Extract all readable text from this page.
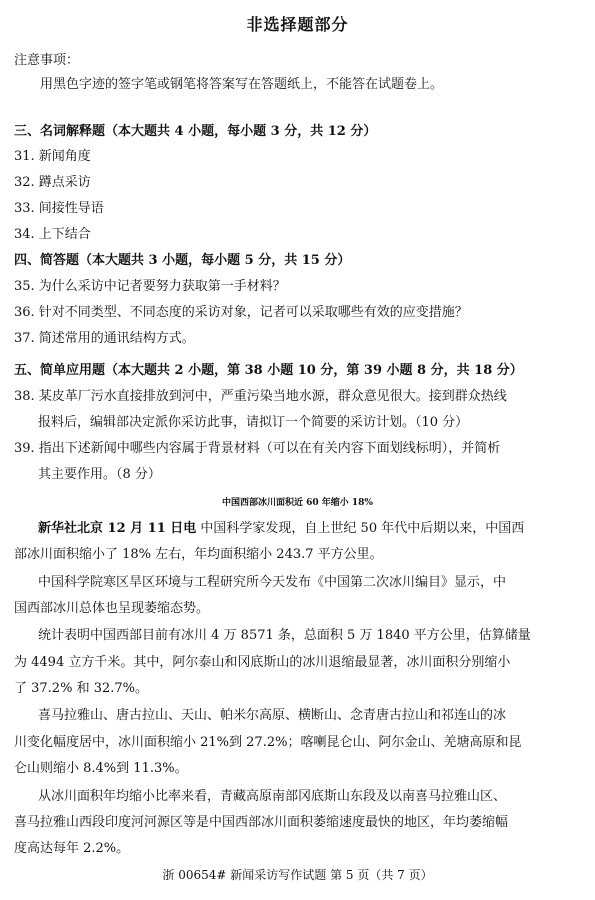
非选择题部分
注意事项：
用黑色字迹的签字笔或钢笔将答案写在答题纸上，不能答在试题卷上。
三、名词解释题（本大题共 4 小题，每小题 3 分，共 12 分）
31. 新闻角度
32. 蹲点采访
33. 间接性导语
34. 上下结合
四、简答题（本大题共 3 小题，每小题 5 分，共 15 分）
35. 为什么采访中记者要努力获取第一手材料？
36. 针对不同类型、不同态度的采访对象，记者可以采取哪些有效的应变措施？
37. 简述常用的通讯结构方式。
五、简单应用题（本大题共 2 小题，第 38 小题 10 分，第 39 小题 8 分，共 18 分）
38. 某皮革厂污水直接排放到河中，严重污染当地水源，群众意见很大。接到群众热线
报料后，编辑部决定派你采访此事，请拟订一个简要的采访计划。（10 分）
39. 指出下述新闻中哪些内容属于背景材料（可以在有关内容下面划线标明），并简析
其主要作用。（8 分）
中国西部冰川面积近 60 年缩小 18%
新华社北京 12 月 11 日电 中国科学家发现，自上世纪 50 年代中后期以来，中国西
部冰川面积缩小了 18% 左右，年均面积缩小 243.7 平方公里。
中国科学院寒区旱区环境与工程研究所今天发布《中国第二次冰川编目》显示，中
国西部冰川总体也呈现萎缩态势。
统计表明中国西部目前有冰川 4 万 8571 条，总面积 5 万 1840 平方公里，估算储量
为 4494 立方千米。其中，阿尔泰山和冈底斯山的冰川退缩最显著，冰川面积分别缩小
了 37.2% 和 32.7%。
喜马拉雅山、唐古拉山、天山、帕米尔高原、横断山、念青唐古拉山和祁连山的冰
川变化幅度居中，冰川面积缩小 21%到 27.2%；喀喇昆仑山、阿尔金山、羌塘高原和昆
仑山则缩小 8.4%到 11.3%。
从冰川面积年均缩小比率来看，青藏高原南部冈底斯山东段及以南喜马拉雅山区、
喜马拉雅山西段印度河河源区等是中国西部冰川面积萎缩速度最快的地区，年均萎缩幅
度高达每年 2.2%。
浙 00654# 新闻采访写作试题 第 5 页（共 7 页）
